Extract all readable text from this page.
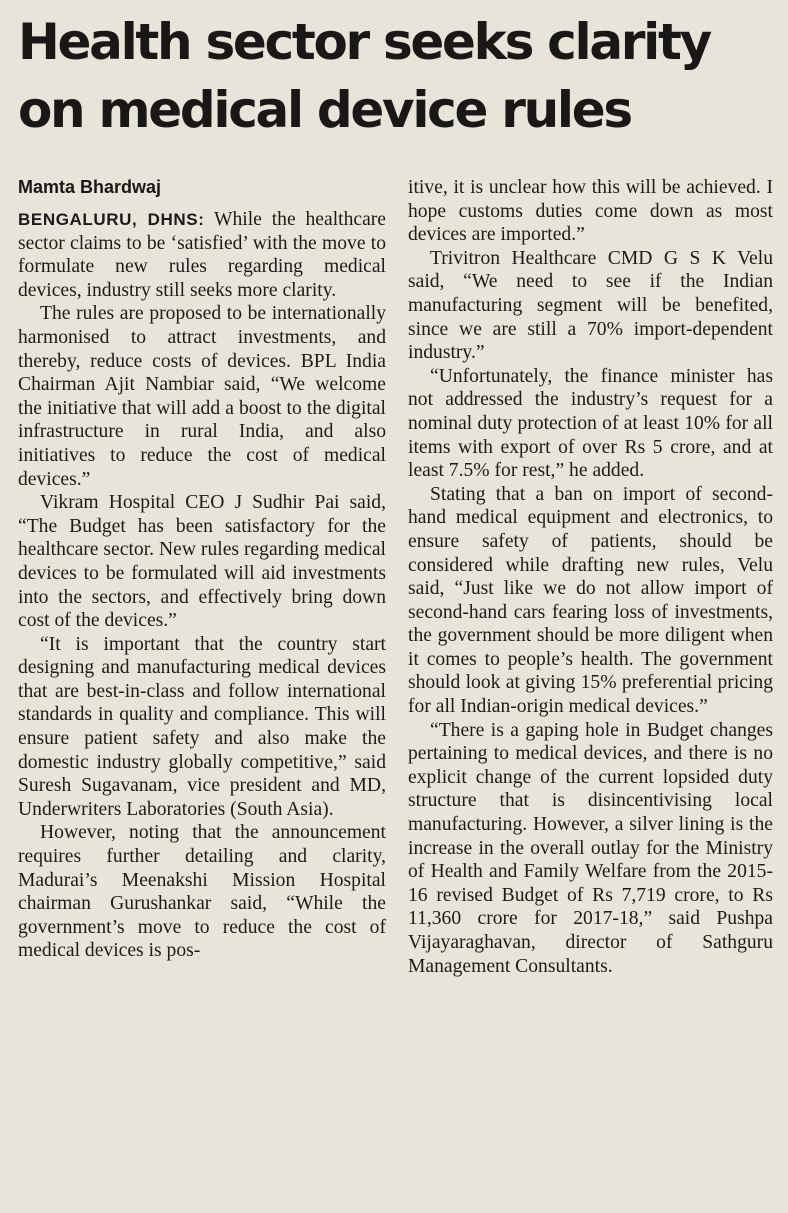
Health sector seeks clarity
on medical device rules

Mamta Bhardwaj

BENGALURU, DHNS: While the healthcare sector claims to be ‘satisfied’ with the move to formulate new rules regarding medical devices, industry still seeks more clarity.

The rules are proposed to be internationally harmonised to attract investments, and thereby, reduce costs of devices. BPL India Chairman Ajit Nambiar said, “We welcome the initiative that will add a boost to the digital infrastructure in rural India, and also initiatives to reduce the cost of medical devices.”

Vikram Hospital CEO J Sudhir Pai said, “The Budget has been satisfactory for the healthcare sector. New rules regarding medical devices to be formulated will aid investments into the sectors, and effectively bring down cost of the devices.”

“It is important that the country start designing and manufacturing medical devices that are best-in-class and follow international standards in quality and compliance. This will ensure patient safety and also make the domestic industry globally competitive,” said Suresh Sugavanam, vice president and MD, Underwriters Laboratories (South Asia).

However, noting that the announcement requires further detailing and clarity, Madurai’s Meenakshi Mission Hospital chairman Gurushankar said, “While the government’s move to reduce the cost of medical devices is pos-

itive, it is unclear how this will be achieved. I hope customs duties come down as most devices are imported.”

Trivitron Healthcare CMD G S K Velu said, “We need to see if the Indian manufacturing segment will be benefited, since we are still a 70% import-dependent industry.”

“Unfortunately, the finance minister has not addressed the industry’s request for a nominal duty protection of at least 10% for all items with export of over Rs 5 crore, and at least 7.5% for rest,” he added.

Stating that a ban on import of second-hand medical equipment and electronics, to ensure safety of patients, should be considered while drafting new rules, Velu said, “Just like we do not allow import of second-hand cars fearing loss of investments, the government should be more diligent when it comes to people’s health. The government should look at giving 15% preferential pricing for all Indian-origin medical devices.”

“There is a gaping hole in Budget changes pertaining to medical devices, and there is no explicit change of the current lopsided duty structure that is disincentivising local manufacturing. However, a silver lining is the increase in the overall outlay for the Ministry of Health and Family Welfare from the 2015-16 revised Budget of Rs 7,719 crore, to Rs 11,360 crore for 2017-18,” said Pushpa Vijayaraghavan, director of Sathguru Management Consultants.
